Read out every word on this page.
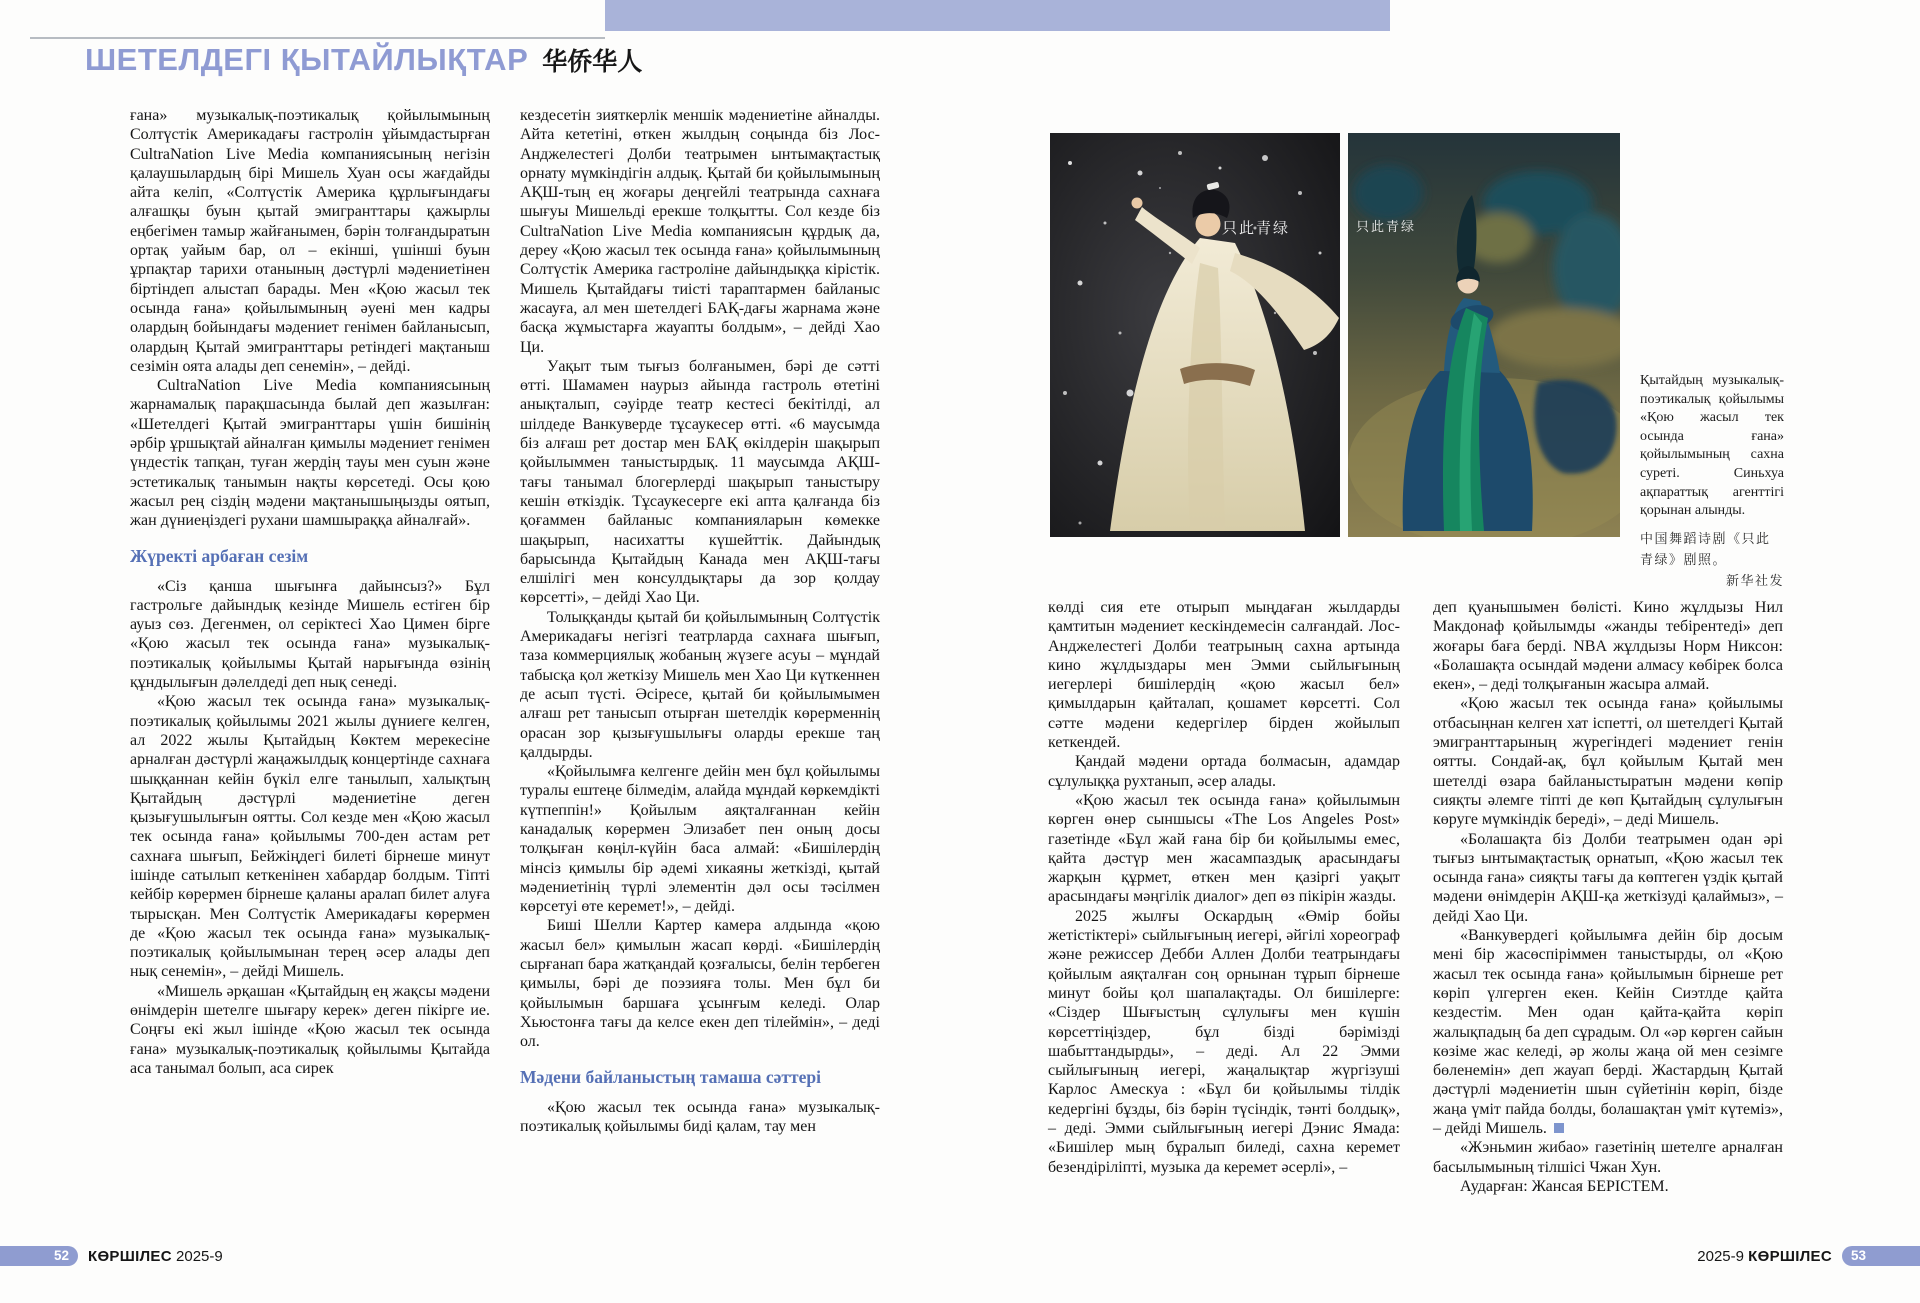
ШЕТЕЛДЕГІ ҚЫТАЙЛЫҚТАР 华侨华人

ғана» музыкалық-поэтикалық қойылымының Солтүстік Америкадағы гастролін ұйымдастырған CultraNation Live Media компаниясының негізін қалаушылардың бірі Мишель Хуан осы жағдайды айта келіп, «Солтүстік Америка құрлығындағы алғашқы буын қытай эмигранттары қажырлы еңбегімен тамыр жайғанымен, бәрін толғандыратын ортақ уайым бар, ол – екінші, үшінші буын ұрпақтар тарихи отанының дәстүрлі мәдениетінен біртіндеп алыстап барады. Мен «Қою жасыл тек осында ғана» қойылымының әуені мен кадры олардың бойындағы мәдениет генімен байланысып, олардың Қытай эмигранттары ретіндегі мақтаныш сезімін оята алады деп сенемін», – дейді.

CultraNation Live Media компаниясының жарнамалық парақшасында былай деп жазылған: «Шетелдегі Қытай эмигранттары үшін бишінің әрбір ұршықтай айналған қимылы мәдениет генімен үндестік тапқан, туған жердің тауы мен суын және эстетикалық танымын нақты көрсетеді. Осы қою жасыл рең сіздің мәдени мақтанышыңызды оятып, жан дүниеңіздегі рухани шамшыраққа айналғай».

Жүректі арбаған сезім

«Сіз қанша шығынға дайынсыз?» Бұл гастрольге дайындық кезінде Мишель естіген бір ауыз сөз. Дегенмен, ол серіктесі Хао Цимен бірге «Қою жасыл тек осында ғана» музыкалық-поэтикалық қойылымы Қытай нарығында өзінің құндылығын дәлелдеді деп нық сенеді.

«Қою жасыл тек осында ғана» музыкалық-поэтикалық қойылымы 2021 жылы дүниеге келген, ал 2022 жылы Қытайдың Көктем мерекесіне арналған дәстүрлі жаңажылдық концертінде сахнаға шыққаннан кейін бүкіл елге танылып, халықтың Қытайдың дәстүрлі мәдениетіне деген қызығушылығын оятты. Сол кезде мен «Қою жасыл тек осында ғана» қойылымы 700-ден астам рет сахнаға шығып, Бейжіңдегі билеті бірнеше минут ішінде сатылып кеткенінен хабардар болдым. Тіпті кейбір көрермен бірнеше қаланы аралап билет алуға тырысқан. Мен Солтүстік Америкадағы көрермен де «Қою жасыл тек осында ғана» музыкалық-поэтикалық қойылымынан терең әсер алады деп нық сенемін», – дейді Мишель.

«Мишель әрқашан «Қытайдың ең жақсы мәдени өнімдерін шетелге шығару керек» деген пікірге ие. Соңғы екі жыл ішінде «Қою жасыл тек осында ғана» музыкалық-поэтикалық қойылымы Қытайда аса танымал болып, аса сирек

кездесетін зияткерлік меншік мәдениетіне айналды. Айта кететіні, өткен жылдың соңында біз Лос-Анджелестегі Долби театрымен ынтымақтастық орнату мүмкіндігін алдық. Қытай би қойылымының АҚШ-тың ең жоғары деңгейлі театрында сахнаға шығуы Мишельді ерекше толқытты. Сол кезде біз CultraNation Live Media компаниясын құрдық да, дереу «Қою жасыл тек осында ғана» қойылымының Солтүстік Америка гастроліне дайындыққа кірістік. Мишель Қытайдағы тиісті тараптармен байланыс жасауға, ал мен шетелдегі БАҚ-дағы жарнама және басқа жұмыстарға жауапты болдым», – дейді Хао Ци.

Уақыт тым тығыз болғанымен, бәрі де сәтті өтті. Шамамен наурыз айында гастроль өтетіні анықталып, сәуірде театр кестесі бекітілді, ал шілдеде Ванкуверде тұсаукесер өтті. «6 маусымда біз алғаш рет достар мен БАҚ өкілдерін шақырып қойылыммен таныстырдық. 11 маусымда АҚШ-тағы танымал блогерлерді шақырып таныстыру кешін өткіздік. Тұсаукесерге екі апта қалғанда біз қоғаммен байланыс компанияларын көмекке шақырып, насихатты күшейттік. Дайындық барысында Қытайдың Канада мен АҚШ-тағы елшілігі мен консулдықтары да зор қолдау көрсетті», – дейді Хао Ци.

Толыққанды қытай би қойылымының Солтүстік Америкадағы негізгі театрларда сахнаға шығып, таза коммерциялық жобаның жүзеге асуы – мұндай табысқа қол жеткізу Мишель мен Хао Ци күткеннен де асып түсті. Әсіресе, қытай би қойылымымен алғаш рет танысып отырған шетелдік көрерменнің орасан зор қызығушылығы оларды ерекше таң қалдырды.

«Қойылымға келгенге дейін мен бұл қойылымы туралы ештеңе білмедім, алайда мұндай көркемдікті күтпеппін!» Қойылым аяқталғаннан кейін канадалық көрермен Элизабет пен оның досы толқыған көңіл-күйін баса алмай: «Бишілердің мінсіз қимылы бір әдемі хикаяны жеткізді, қытай мәдениетінің түрлі элементін дәл осы тәсілмен көрсетуі өте керемет!», – дейді.

Биші Шелли Картер камера алдында «қою жасыл бел» қимылын жасап көрді. «Бишілердің сырғанап бара жатқандай қозғалысы, белін тербеген қимылы, бәрі де поэзияға толы. Мен бұл би қойылымын баршаға ұсынғым келеді. Олар Хьюстонға тағы да келсе екен деп тілеймін», – деді ол.

Мәдени байланыстың тамаша сәттері

«Қою жасыл тек осында ғана» музыкалық-поэтикалық қойылымы биді қалам, тау мен

只此青绿	只此青绿
Қытайдың музыкалық-поэтикалық қойылымы «Қою жасыл тек осында ғана» қойылымының сахна суреті. Синьхуа ақпараттық агенттігі қорынан алынды.
中国舞蹈诗剧《只此青绿》剧照。
新华社发

көлді сия ете отырып мыңдаған жылдарды қамтитын мәдениет кескіндемесін салғандай. Лос-Анджелестегі Долби театрының сахна артында кино жұлдыздары мен Эмми сыйлығының иегерлері бишілердің «қою жасыл бел» қимылдарын қайталап, қошамет көрсетті. Сол сәтте мәдени кедергілер бірден жойылып кеткендей.

Қандай мәдени ортада болмасын, адамдар сұлулыққа рухтанып, әсер алады.

«Қою жасыл тек осында ғана» қойылымын көрген өнер сыншысы «The Los Angeles Post» газетінде «Бұл жай ғана бір би қойылымы емес, қайта дәстүр мен жасампаздық арасындағы жарқын құрмет, өткен мен қазіргі уақыт арасындағы мәңгілік диалог» деп өз пікірін жазды.

2025 жылғы Оскардың «Өмір бойы жетістіктері» сыйлығының иегері, әйгілі хореограф және режиссер Дебби Аллен Долби театрындағы қойылым аяқталған соң орнынан тұрып бірнеше минут бойы қол шапалақтады. Ол бишілерге: «Сіздер Шығыстың сұлулығы мен күшін көрсеттіңіздер, бұл бізді бәрімізді шабыттандырды», – деді. Ал 22 Эмми сыйлығының иегері, жаңалықтар жүргізуші Карлос Амескуа : «Бұл би қойылымы тілдік кедергіні бұзды, біз бәрін түсіндік, тәнті болдық», – деді. Эмми сыйлығының иегері Дэнис Ямада: «Бишілер мың бұралып биледі, сахна керемет безендіріліпті, музыка да керемет әсерлі», –

деп қуанышымен бөлісті. Кино жұлдызы Нил Макдонаф қойылымды «жанды тебірентеді» деп жоғары баға берді. NBA жұлдызы Норм Никсон: «Болашақта осындай мәдени алмасу көбірек болса екен», – деді толқығанын жасыра алмай.

«Қою жасыл тек осында ғана» қойылымы отбасыңнан келген хат іспетті, ол шетелдегі Қытай эмигранттарының жүрегіндегі мәдениет генін оятты. Сондай-ақ, бұл қойылым Қытай мен шетелді өзара байланыстыратын мәдени көпір сияқты әлемге тіпті де көп Қытайдың сұлулығын көруге мүмкіндік береді», – деді Мишель.

«Болашақта біз Долби театрымен одан әрі тығыз ынтымақтастық орнатып, «Қою жасыл тек осында ғана» сияқты тағы да көптеген үздік қытай мәдени өнімдерін АҚШ-қа жеткізуді қалаймыз», – дейді Хао Ци.

«Ванкувердегі қойылымға дейін бір досым мені бір жасөспіріммен таныстырды, ол «Қою жасыл тек осында ғана» қойылымын бірнеше рет көріп үлгерген екен. Кейін Сиэтлде қайта кездестім. Мен одан қайта-қайта көріп жалықпадың ба деп сұрадым. Ол «әр көрген сайын көзіме жас келеді, әр жолы жаңа ой мен сезімге бөленемін» деп жауап берді. Жастардың Қытай дәстүрлі мәдениетін шын сүйетінін көріп, бізде жаңа үміт пайда болды, болашақтан үміт күтеміз», – дейді Мишель.

«Жэньмин жибао» газетінің шетелге арналған басылымының тілшісі Чжан Хун.

Аударған: Жансая БЕРІСТЕМ.

52	КӨРШІЛЕС 2025-9	2025-9 КӨРШІЛЕС	53
